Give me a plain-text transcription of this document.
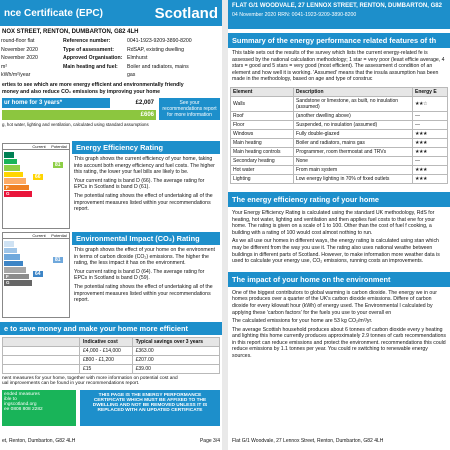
nce Certificate (EPC)	Scotland
NOX STREET, RENTON, DUMBARTON, G82 4LH
round-floor flat	Reference number:	0041-1923-9209-3890-8200
November 2020	Type of assessment:	RdSAP, existing dwelling
November 2020	Approved Organisation:	Elmhurst
m²	Main heating and fuel:	Boiler and radiators, mains
kWh/m²/year		gas
erties to see which are more energy efficient and environmentally friendly
money and also reduce CO₂ emissions by improving your home
ur home for 3 years*	£2,007
£606
See your recommendations report for more information
g, hot water, lighting and ventilation, calculated using standard assumptions
Current	Potential
F
G
66
81
Energy Efficiency Rating

This graph shows the current efficiency of your home, taking into account both energy efficiency and fuel costs. The higher this rating, the lower your fuel bills are likely to be.

Your current rating is band D (66). The average rating for EPCs in Scotland is band D (61).

The potential rating shows the effect of undertaking all of the improvement measures listed within your recommendations report.

Current	Potential
F
G
64
81
Environmental Impact (CO₂) Rating

This graph shows the effect of your home on the environment in terms of carbon dioxide (CO₂) emissions. The higher the rating, the less impact it has on the environment.

Your current rating is band D (64). The average rating for EPCs in Scotland is band D (59).

The potential rating shows the effect of undertaking all of the improvement measures listed within your recommendations report.

e to save money and make your home more efficient
	Indicative cost	Typical savings over 3 years
	£4,000 - £14,000	£363.00
	£800 - £1,200	£207.00
	£15	£39.00
nent measures for your home, together with more information on potential cost and
ual improvements can be found in your recommendations report.
ended measures
ible to
ingscotland.org
ee 0808 808 2282
THIS PAGE IS THE ENERGY PERFORMANCE CERTIFICATE WHICH MUST BE AFFIXED TO THE DWELLING AND NOT BE REMOVED UNLESS IT IS REPLACED WITH AN UPDATED CERTIFICATE
et, Renton, Dumbarton, G82 4LH	Page 3/4
FLAT G/1 WOODVALE, 27 LENNOX STREET, RENTON, DUMBARTON, G82
04 November 2020 RRN: 0041-1923-9209-3890-8200
Summary of the energy performance related features of th
This table sets out the results of the survey which lists the current energy-related fe is assessed by the national calculation methodology; 1 star = very poor (least efficie average, 4 stars = good and 5 stars = very good (most efficient). The assessment d condition of an element and how well it is working. 'Assumed' means that the insula assumption has been made in the methodology, based on age and type of construc
Element	Description	Energy E
Walls	Sandstone or limestone, as built, no insulation (assumed)	★★☆
Roof	(another dwelling above)	—
Floor	Suspended, no insulation (assumed)	—
Windows	Fully double-glazed	★★★
Main heating	Boiler and radiators, mains gas	★★★
Main heating controls	Programmer, room thermostat and TRVs	★★★
Secondary heating	None	—
Hot water	From main system	★★★
Lighting	Low energy lighting in 70% of fixed outlets	★★★
The energy efficiency rating of your home

Your Energy Efficiency Rating is calculated using the standard UK methodology, RdS for heating, hot water, lighting and ventilation and then applies fuel costs to that ene for your home. The rating is given on a scale of 1 to 100. Other than the cost of fuel f cooking, a building with a rating of 100 would cost almost nothing to run.

As we all use our homes in different ways, the energy rating is calculated using stan which may be different from the way you use it. The rating also uses national weathe between buildings in different parts of Scotland. However, to make information more weather data is used to calculate your energy use, CO₂ emissions, running costs an improvements.

The impact of your home on the environment

One of the biggest contributors to global warming is carbon dioxide. The energy we in our homes produces over a quarter of the UK's carbon dioxide emissions. Differe of carbon dioxide for every kilowatt hour (kWh) of energy used. The Environmental I calculated by applying these 'carbon factors' for the fuels you use to your overall en

The calculated emissions for your home are 53 kg CO₂/m²/yr.

The average Scottish household produces about 6 tonnes of carbon dioxide every y heating and lighting this home currently produces approximately 2.9 tonnes of carb recommendations in this report can reduce emissions and protect the environment. recommendations this could reduce emissions by 1.1 tonnes per year. You could re switching to renewable energy sources.

Flat G/1 Woodvale, 27 Lennox Street, Renton, Dumbarton, G82 4LH
